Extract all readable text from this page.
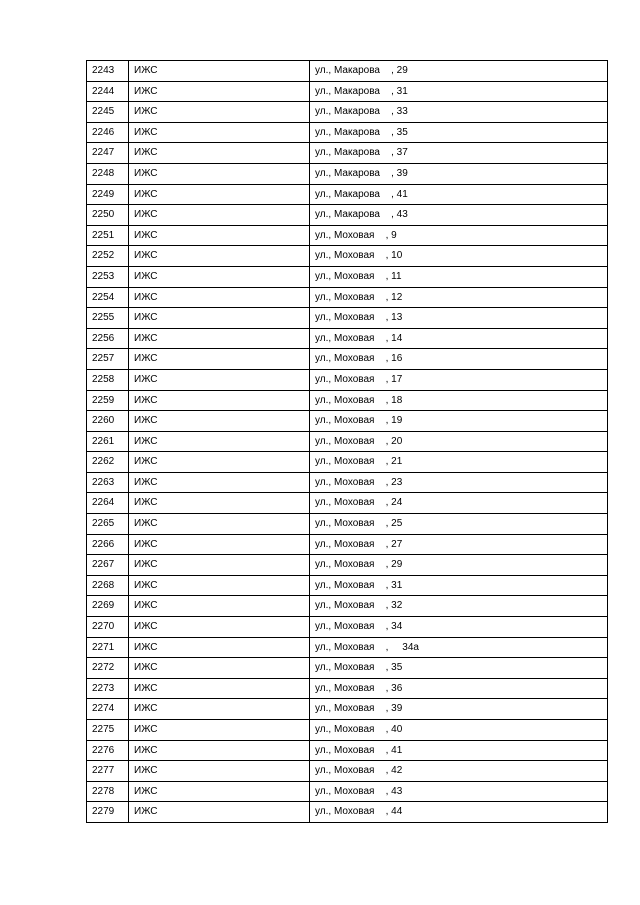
2243	ИЖС	ул., Макарова    , 29
2244	ИЖС	ул., Макарова    , 31
2245	ИЖС	ул., Макарова    , 33
2246	ИЖС	ул., Макарова    , 35
2247	ИЖС	ул., Макарова    , 37
2248	ИЖС	ул., Макарова    , 39
2249	ИЖС	ул., Макарова    , 41
2250	ИЖС	ул., Макарова    , 43
2251	ИЖС	ул., Моховая    , 9
2252	ИЖС	ул., Моховая    , 10
2253	ИЖС	ул., Моховая    , 11
2254	ИЖС	ул., Моховая    , 12
2255	ИЖС	ул., Моховая    , 13
2256	ИЖС	ул., Моховая    , 14
2257	ИЖС	ул., Моховая    , 16
2258	ИЖС	ул., Моховая    , 17
2259	ИЖС	ул., Моховая    , 18
2260	ИЖС	ул., Моховая    , 19
2261	ИЖС	ул., Моховая    , 20
2262	ИЖС	ул., Моховая    , 21
2263	ИЖС	ул., Моховая    , 23
2264	ИЖС	ул., Моховая    , 24
2265	ИЖС	ул., Моховая    , 25
2266	ИЖС	ул., Моховая    , 27
2267	ИЖС	ул., Моховая    , 29
2268	ИЖС	ул., Моховая    , 31
2269	ИЖС	ул., Моховая    , 32
2270	ИЖС	ул., Моховая    , 34
2271	ИЖС	ул., Моховая    ,     34а
2272	ИЖС	ул., Моховая    , 35
2273	ИЖС	ул., Моховая    , 36
2274	ИЖС	ул., Моховая    , 39
2275	ИЖС	ул., Моховая    , 40
2276	ИЖС	ул., Моховая    , 41
2277	ИЖС	ул., Моховая    , 42
2278	ИЖС	ул., Моховая    , 43
2279	ИЖС	ул., Моховая    , 44
